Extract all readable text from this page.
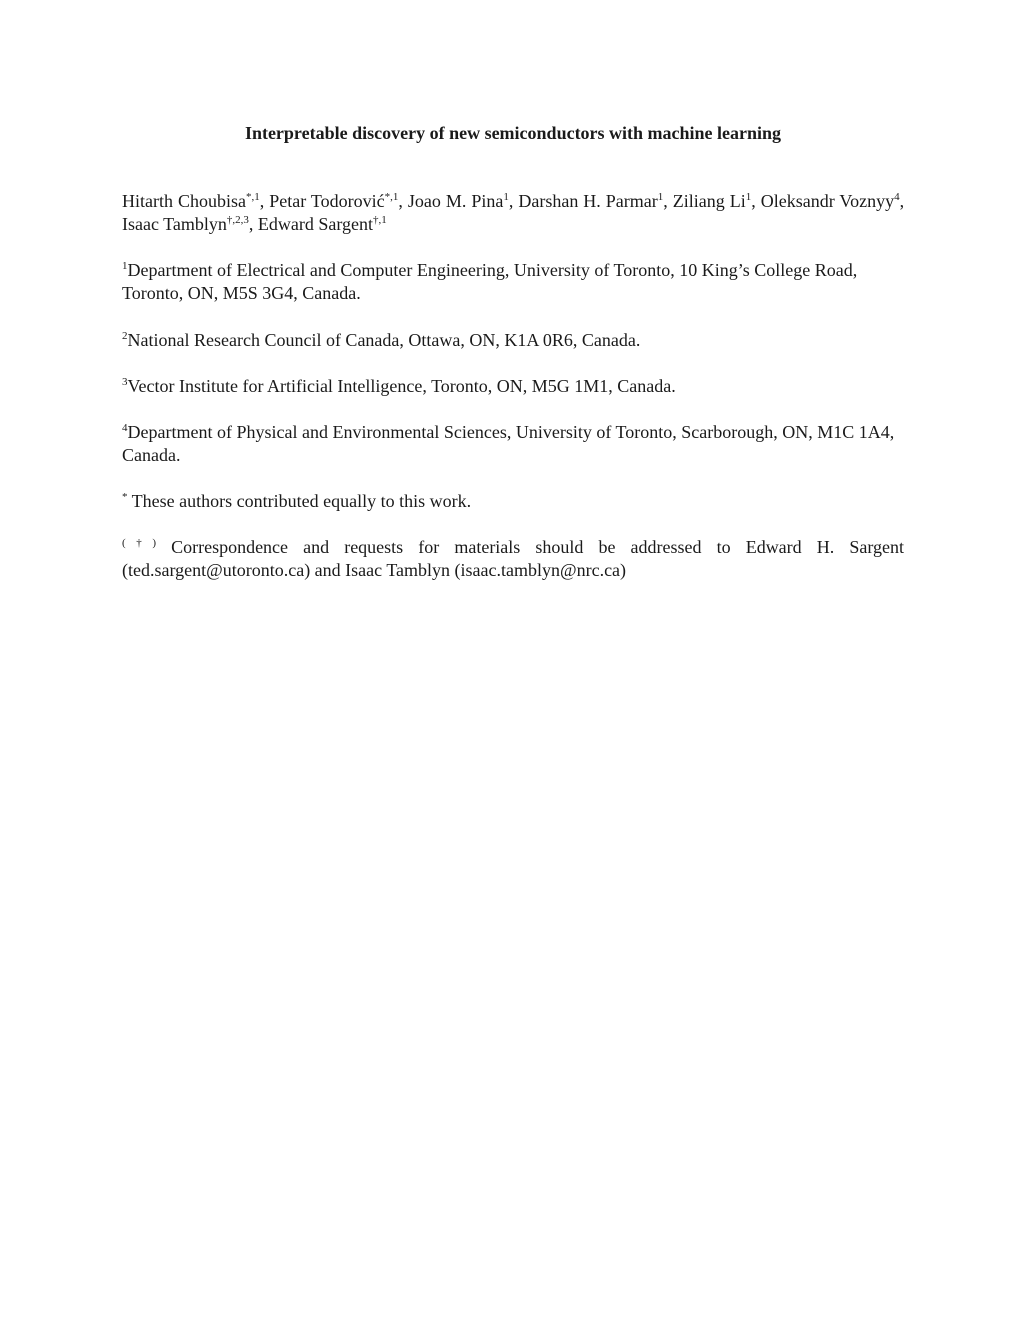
Interpretable discovery of new semiconductors with machine learning

Hitarth Choubisa$^{*,1}$, Petar Todorović$^{*,1}$, Joao M. Pina$^1$, Darshan H. Parmar$^1$, Ziliang Li$^1$, Oleksandr Voznyy$^4$, Isaac Tamblyn$^{\dagger,2,3}$, Edward Sargent$^{\dagger,1}$

$^1$Department of Electrical and Computer Engineering, University of Toronto, 10 King’s College Road, Toronto, ON, M5S 3G4, Canada.

$^2$National Research Council of Canada, Ottawa, ON, K1A 0R6, Canada.

$^3$Vector Institute for Artificial Intelligence, Toronto, ON, M5G 1M1, Canada.

$^4$Department of Physical and Environmental Sciences, University of Toronto, Scarborough, ON, M1C 1A4, Canada.

* These authors contributed equally to this work.

(†) Correspondence and requests for materials should be addressed to Edward H. Sargent (ted.sargent@utoronto.ca) and Isaac Tamblyn (isaac.tamblyn@nrc.ca)
